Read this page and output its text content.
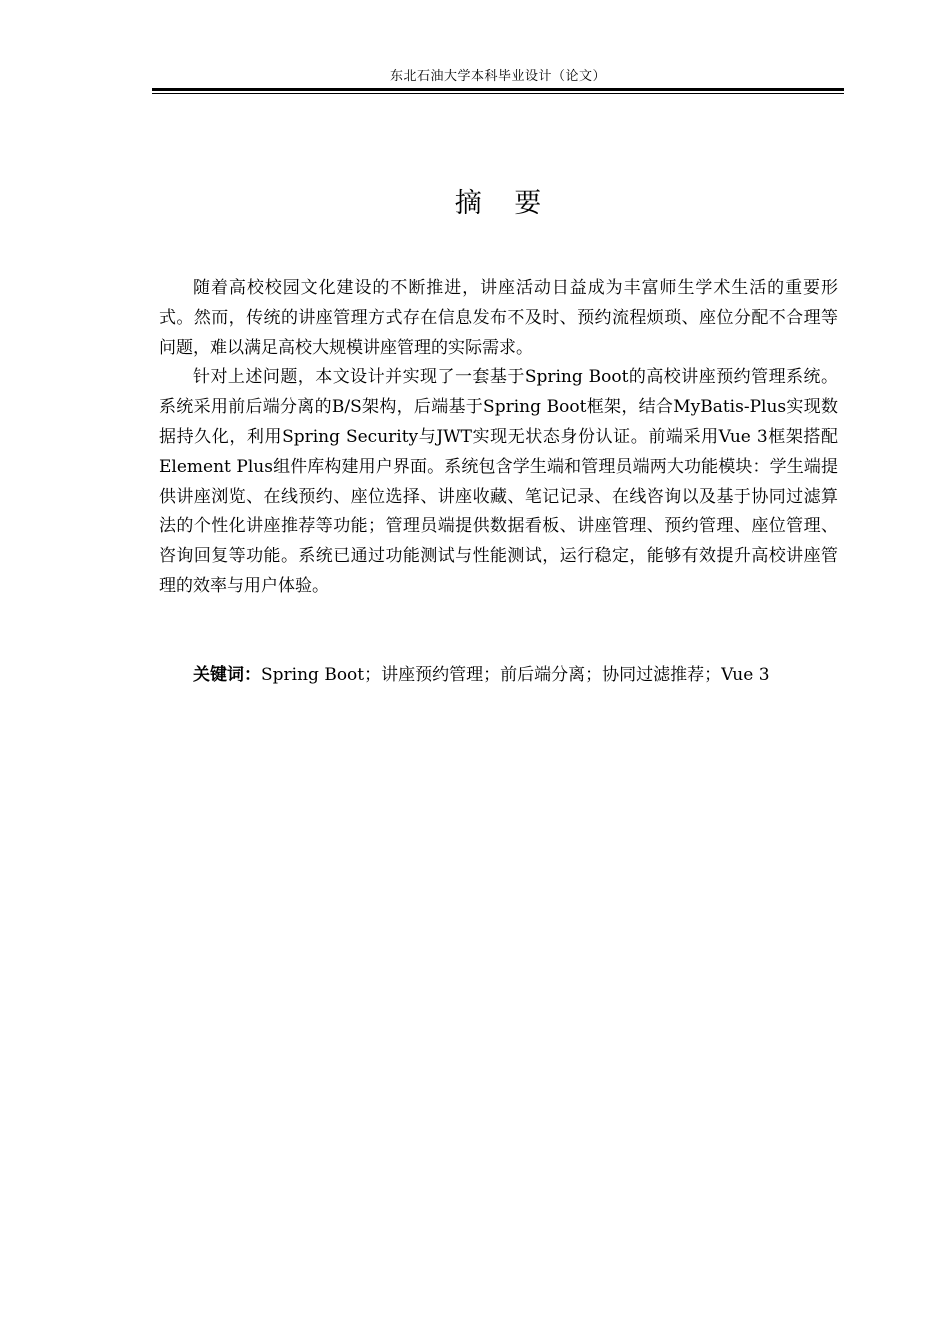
东北石油大学本科毕业设计（论文）
摘 要

随着高校校园文化建设的不断推进，讲座活动日益成为丰富师生学术生活的重要形式。然而，传统的讲座管理方式存在信息发布不及时、预约流程烦琐、座位分配不合理等问题，难以满足高校大规模讲座管理的实际需求。

针对上述问题，本文设计并实现了一套基于Spring Boot的高校讲座预约管理系统。系统采用前后端分离的B/S架构，后端基于Spring Boot框架，结合MyBatis-Plus实现数据持久化，利用Spring Security与JWT实现无状态身份认证。前端采用Vue 3框架搭配Element Plus组件库构建用户界面。系统包含学生端和管理员端两大功能模块：学生端提供讲座浏览、在线预约、座位选择、讲座收藏、笔记记录、在线咨询以及基于协同过滤算法的个性化讲座推荐等功能；管理员端提供数据看板、讲座管理、预约管理、座位管理、咨询回复等功能。系统已通过功能测试与性能测试，运行稳定，能够有效提升高校讲座管理的效率与用户体验。

关键词：Spring Boot；讲座预约管理；前后端分离；协同过滤推荐；Vue 3
